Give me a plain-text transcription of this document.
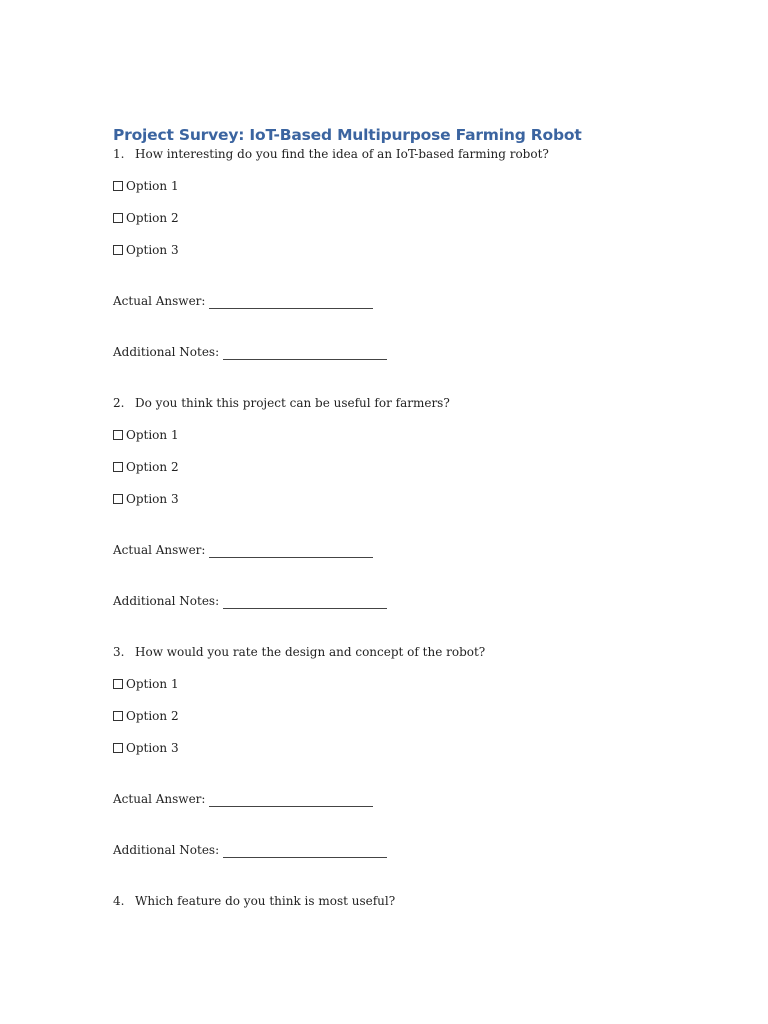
Project Survey: IoT-Based Multipurpose Farming Robot
1. How interesting do you find the idea of an IoT-based farming robot?
Option 1
Option 2
Option 3
Actual Answer:
Additional Notes:
2. Do you think this project can be useful for farmers?
Option 1
Option 2
Option 3
Actual Answer:
Additional Notes:
3. How would you rate the design and concept of the robot?
Option 1
Option 2
Option 3
Actual Answer:
Additional Notes:
4. Which feature do you think is most useful?
